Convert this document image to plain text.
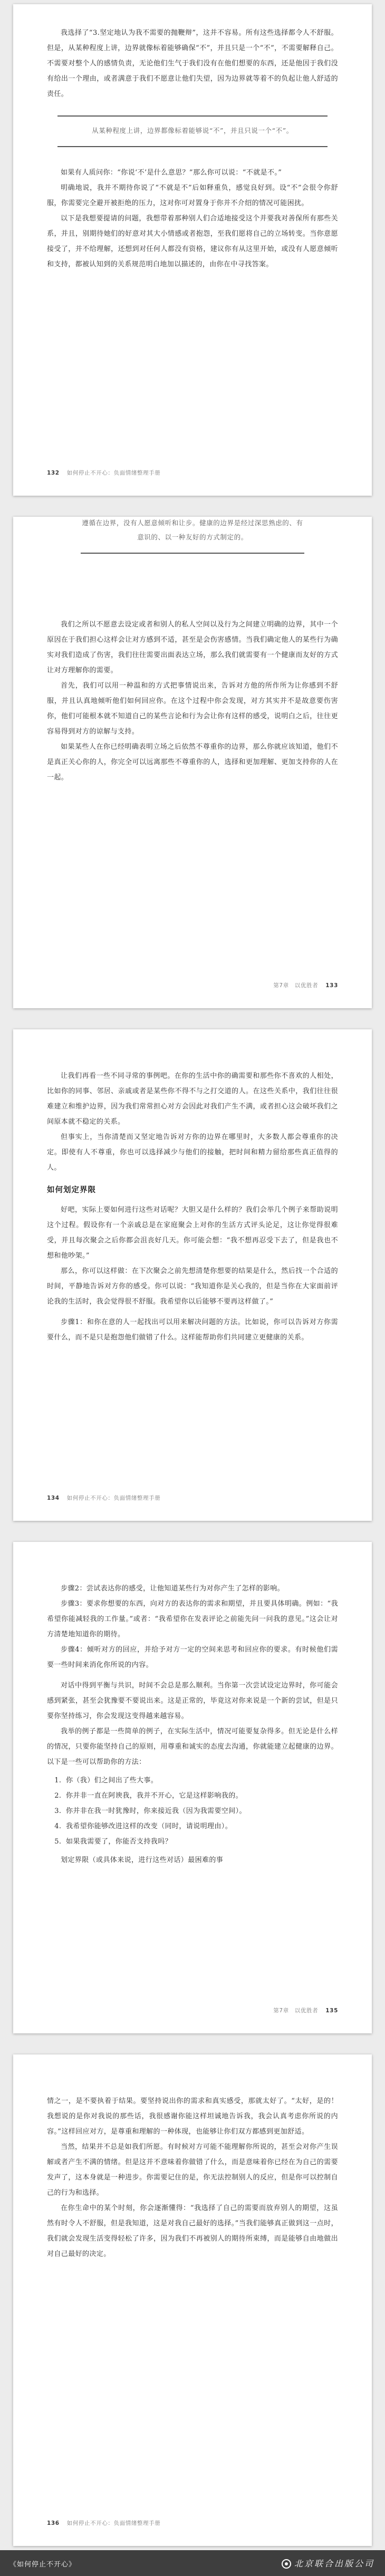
我选择了“3.坚定地认为我不需要的抛鞭辩”，这并不容易。所有这些选择都令人不舒服。但是，从某种程度上讲，边界就像标着能够确保“不”，并且只是一个“不”，不需要解释自己。不需要对整个人的感情负责，无论他们生气于我们没有在他们想要的东西，还是他因于我们没有给出一个理由，或者满意于我们不愿意让他们失望，因为边界就等着不的负起让他人舒适的责任。

从某种程度上讲，边界都像标着能够说“不”，并且只说一个“不”。

如果有人质问你：“你说‘不’是什么意思？”那么你可以说：“不就是不。”

明确地说，我并不期待你说了“不就是不”后如释重负，感觉良好到。设“不”会很令你舒服，你需要完全避开被拒绝的压力，这对你可对置身于你并不介绍的情况可能困扰。

以下是我想要提请的问题，我想带着那种别人们合适地接受这个并要我对善保所有那些关系，并且，别期待她们的好意对其大小情感或者抱怨，至我们愿将自己的立场转变。当你意愿接受了，并不给理解，还想到对任何人都没有资格，建议你有从这里开始，或没有人愿意倾听和支持，都被认知到的关系规范明白地加以描述的，由你在中寻找答案。

132 如何停止不开心：负面情绪整理手册
遵循在边界，没有人愿意倾听和让步。健康的边界是经过深思熟虑的、有意识的、以一种友好的方式制定的。

我们之所以不愿意去设定或者和别人的私人空间以及行为之间建立明确的边界，其中一个原因在于我们担心这样会让对方感到不适，甚至是会伤害感情。当我们确定他人的某些行为确实对我们造成了伤害，我们往往需要出面表达立场，那么我们就需要有一个健康而友好的方式让对方理解你的需要。

首先，我们可以用一种温和的方式把事情说出来，告诉对方他的所作所为让你感到不舒服，并且认真地倾听他们如何回应你。在这个过程中你会发现，对方其实并不是故意要伤害你，他们可能根本就不知道自己的某些言论和行为会让你有这样的感受，说明白之后，往往更容易得到对方的谅解与支持。

如果某些人在你已经明确表明立场之后依然不尊重你的边界，那么你就应该知道，他们不是真正关心你的人，你完全可以远离那些不尊重你的人，选择和更加理解、更加支持你的人在一起。

第7章　以优胜者 133

让我们再看一些不同寻常的事例吧。在你的生活中你的确需要和那些你不喜欢的人相处，比如你的同事、邻居、亲戚或者是某些你不得不与之打交道的人。在这些关系中，我们往往很难建立和维护边界，因为我们常常担心对方会因此对我们产生不满，或者担心这会破坏我们之间原本就不稳定的关系。

但事实上，当你清楚而又坚定地告诉对方你的边界在哪里时，大多数人都会尊重你的决定。即使有人不尊重，你也可以选择减少与他们的接触，把时间和精力留给那些真正值得的人。

如何划定界限

好吧，实际上要如何进行这些对话呢？大胆又是什么样的？我们会举几个例子来帮助说明这个过程。假设你有一个亲戚总是在家庭聚会上对你的生活方式评头论足，这让你觉得很难受，并且每次聚会之后你都会沮丧好几天。你可能会想：“我不想再忍受下去了，但是我也不想和他吵架。”

那么，你可以这样做：在下次聚会之前先想清楚你想要的结果是什么，然后找一个合适的时间，平静地告诉对方你的感受。你可以说：“我知道你是关心我的，但是当你在大家面前评论我的生活时，我会觉得很不舒服。我希望你以后能够不要再这样做了。”

步骤1：和你在意的人一起找出可以用来解决问题的方法。比如说，你可以告诉对方你需要什么，而不是只是抱怨他们做错了什么。这样能帮助你们共同建立更健康的关系。

134 如何停止不开心：负面情绪整理手册

步骤2：尝试表达你的感受，让他知道某些行为对你产生了怎样的影响。

步骤3：要求你想要的东西，向对方的表达你的需求和期望，并且要具体明确。例如：“我希望你能减轻我的工作量。”或者：“我希望你在发表评论之前能先问一问我的意见。”这会让对方清楚地知道你的期待。

步骤4：倾听对方的回应，并给予对方一定的空间来思考和回应你的要求。有时候他们需要一些时间来消化你所说的内容。

对话中得到平衡与共识，时间不会总是那么顺利。当你第一次尝试设定边界时，你可能会感到紧张，甚至会犹豫要不要说出来。这是正常的，毕竟这对你来说是一个新的尝试，但是只要你坚持练习，你会发现这变得越来越容易。

我举的例子都是一些简单的例子，在实际生活中，情况可能要复杂得多。但无论是什么样的情况，只要你能坚持自己的原则，用尊重和诚实的态度去沟通，你就能建立起健康的边界。以下是一些可以帮助你的方法：

1. 你（我）们之间出了些大事。
2. 你并非一直在阿谀我，我并不开心，它是这样影响我的。
3. 你并非在我一时犹豫时，你来接近我（因为我需要空间）。
4. 我希望你能够改进这样的改变（同时，请说明理由）。
5. 如果我需要了，你能否支持我吗？

划定界限（或具体来说，进行这些对话）最困难的事

第7章　以优胜者 135

情之一，是不要执着于结果。要坚持说出你的需求和真实感受，那就太好了。“太好，是的！我想说的是你对我说的那些话，我很感谢你能这样坦诚地告诉我，我会认真考虑你所说的内容。”这样回应对方，是尊重和理解的一种体现，也能够让你们双方都感到更加舒适。

当然，结果并不总是如我们所愿。有时候对方可能不能理解你所说的，甚至会对你产生误解或者产生不满的情绪。但是这并不意味着你做错了什么，而是意味着你已经在为自己的需要发声了，这本身就是一种进步。你需要记住的是，你无法控制别人的反应，但是你可以控制自己的行为和选择。

在你生命中的某个时刻，你会逐渐懂得：“我选择了自己的需要而放弃别人的期望，这虽然有时令人不舒服，但是我知道，这是对我自己最好的选择。”当我们能够真正做到这一点时，我们就会发现生活变得轻松了许多，因为我们不再被别人的期待所束缚，而是能够自由地做出对自己最好的决定。

136 如何停止不开心：负面情绪整理手册
《如何停止不开心》	北京联合出版公司
